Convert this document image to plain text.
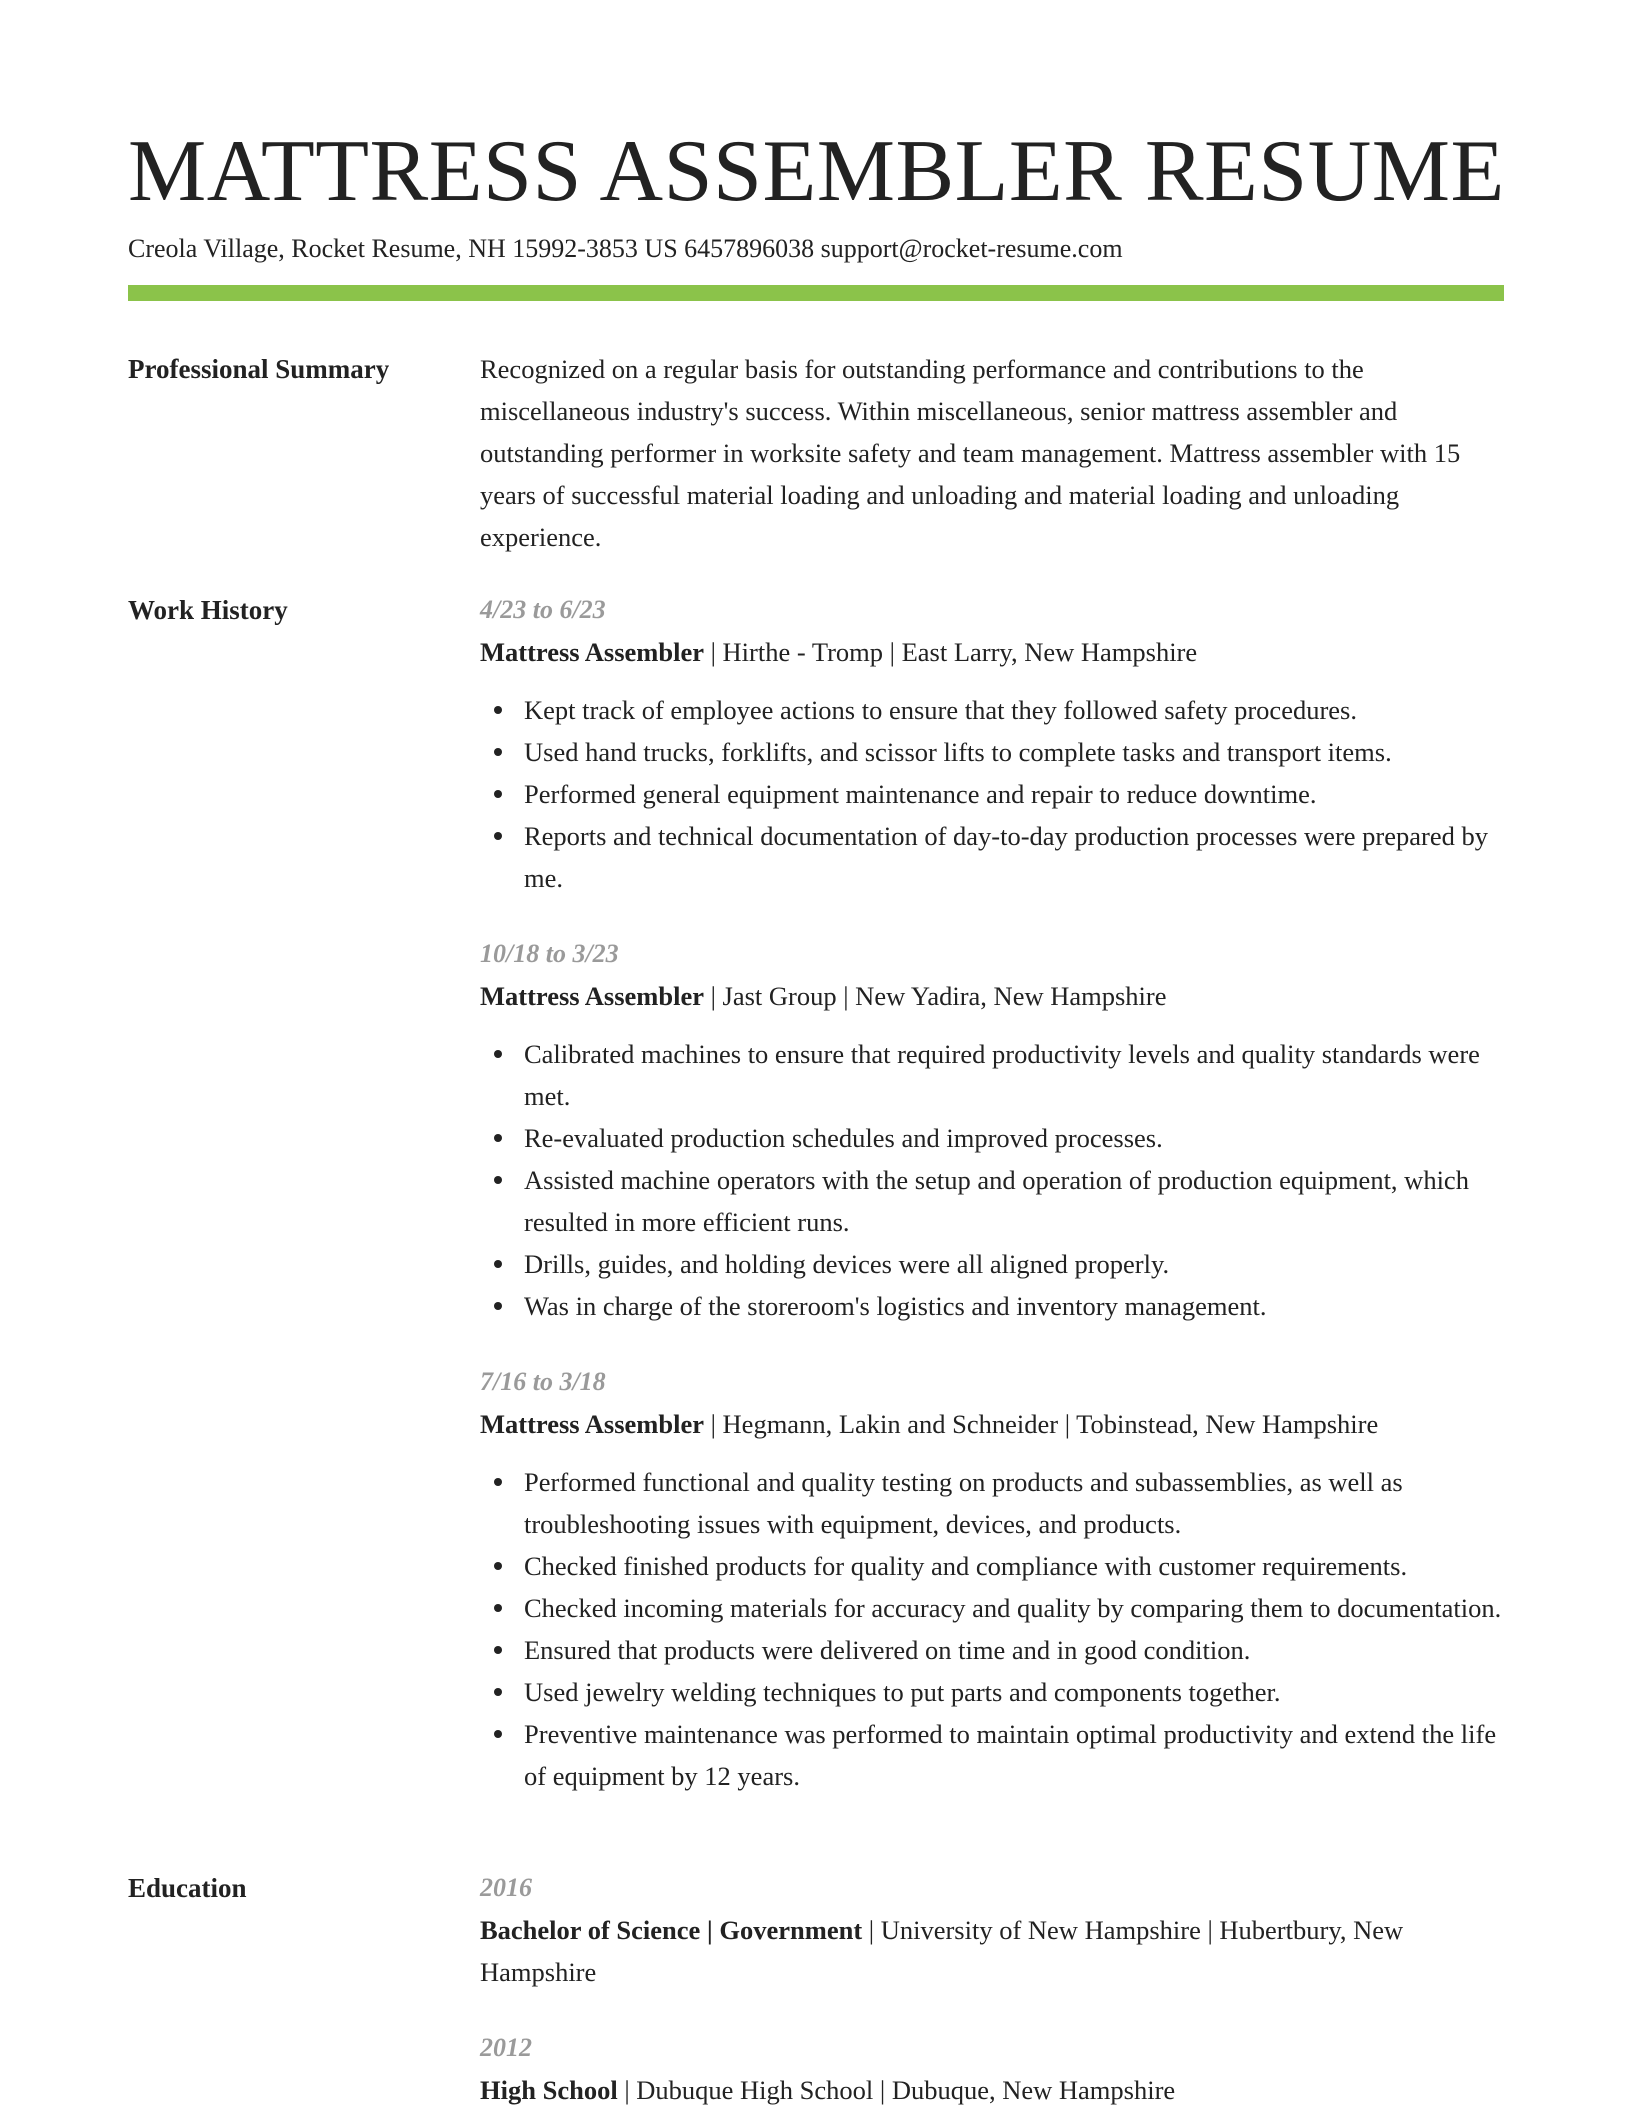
MATTRESS ASSEMBLER RESUME
Creola Village, Rocket Resume, NH 15992-3853 US 6457896038 support@rocket-resume.com
Professional Summary	Recognized on a regular basis for outstanding performance and contributions to the miscellaneous industry's success. Within miscellaneous, senior mattress assembler and outstanding performer in worksite safety and team management. Mattress assembler with 15 years of successful material loading and unloading and material loading and unloading experience.

Work History	4/23 to 6/23
Mattress Assembler | Hirthe - Tromp | East Larry, New Hampshire
Kept track of employee actions to ensure that they followed safety procedures.
Used hand trucks, forklifts, and scissor lifts to complete tasks and transport items.
Performed general equipment maintenance and repair to reduce downtime.
Reports and technical documentation of day-to-day production processes were prepared by me.
10/18 to 3/23
Mattress Assembler | Jast Group | New Yadira, New Hampshire
Calibrated machines to ensure that required productivity levels and quality standards were met.
Re-evaluated production schedules and improved processes.
Assisted machine operators with the setup and operation of production equipment, which resulted in more efficient runs.
Drills, guides, and holding devices were all aligned properly.
Was in charge of the storeroom's logistics and inventory management.
7/16 to 3/18
Mattress Assembler | Hegmann, Lakin and Schneider | Tobinstead, New Hampshire
Performed functional and quality testing on products and subassemblies, as well as troubleshooting issues with equipment, devices, and products.
Checked finished products for quality and compliance with customer requirements.
Checked incoming materials for accuracy and quality by comparing them to documentation.
Ensured that products were delivered on time and in good condition.
Used jewelry welding techniques to put parts and components together.
Preventive maintenance was performed to maintain optimal productivity and extend the life of equipment by 12 years.
Education	2016
Bachelor of Science | Government | University of New Hampshire | Hubertbury, New Hampshire
2012
High School | Dubuque High School | Dubuque, New Hampshire
